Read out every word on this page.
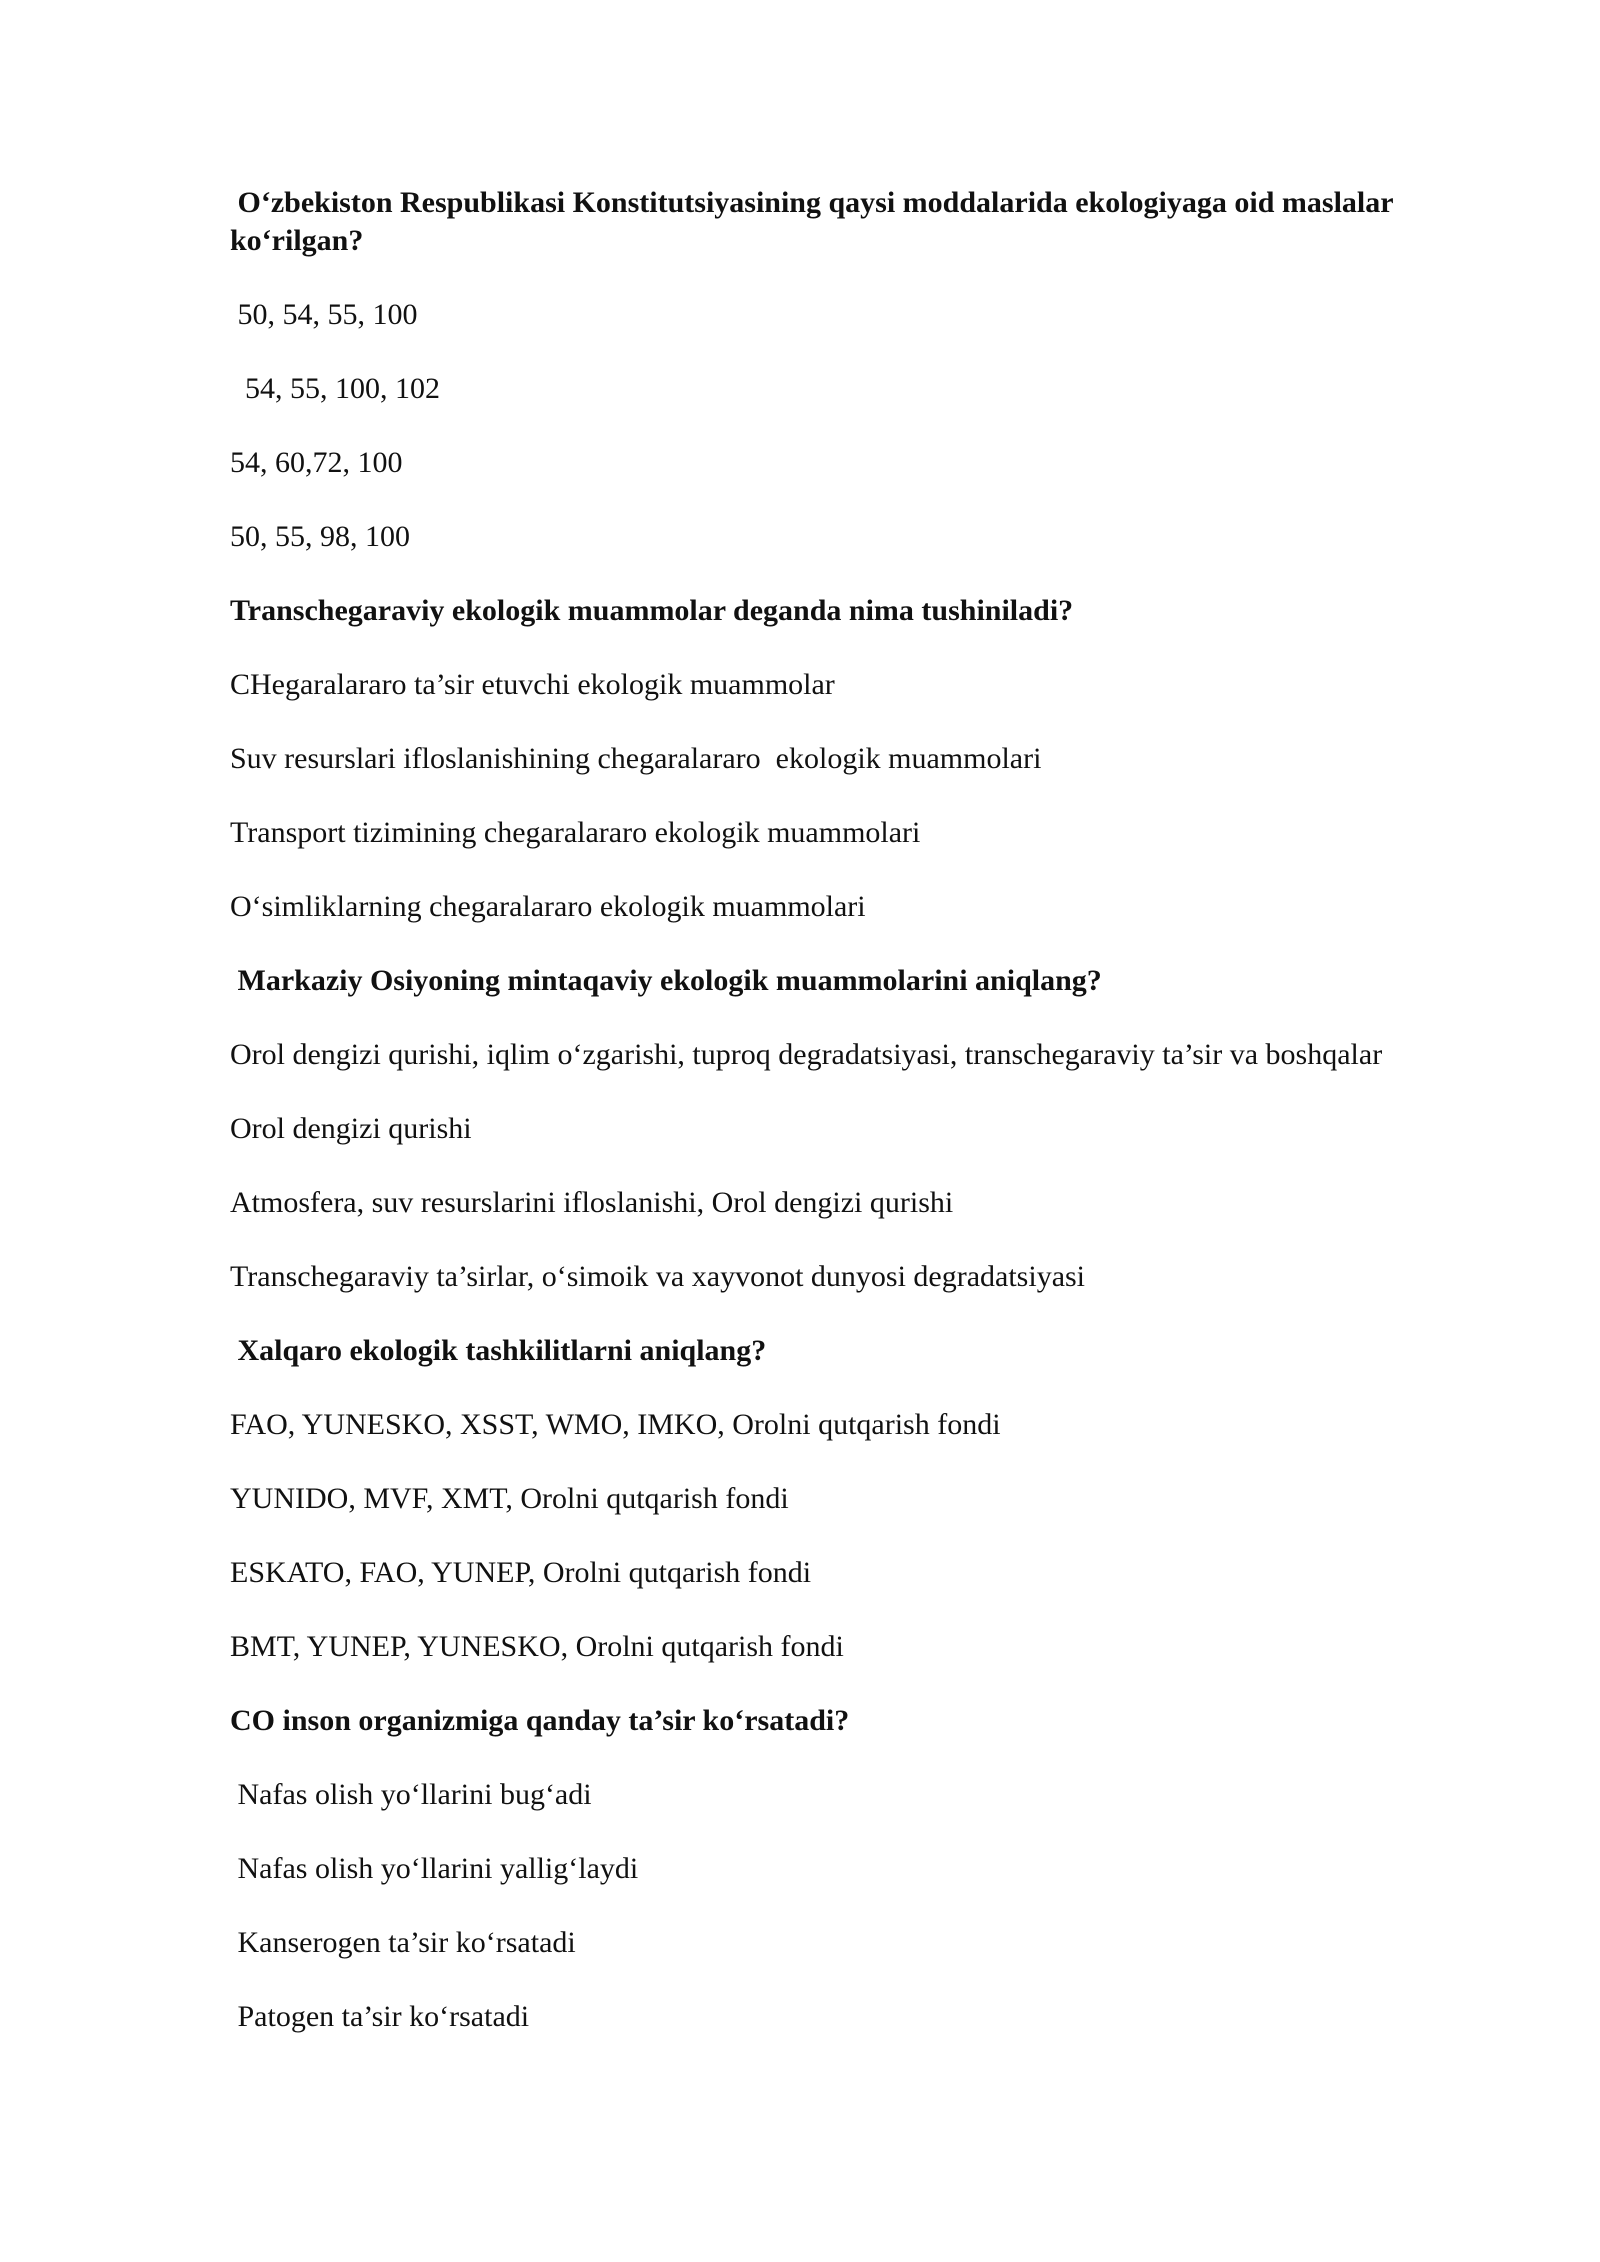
O‘zbekiston Respublikasi Konstitutsiyasining qaysi moddalarida ekologiyaga oid maslalar ko‘rilgan?

50, 54, 55, 100

54, 55, 100, 102

54, 60,72, 100

50, 55, 98, 100

Transchegaraviy ekologik muammolar deganda nima tushiniladi?

CHegaralararo ta’sir etuvchi ekologik muammolar

Suv resurslari ifloslanishining chegaralararo  ekologik muammolari

Transport tizimining chegaralararo ekologik muammolari

O‘simliklarning chegaralararo ekologik muammolari

Markaziy Osiyoning mintaqaviy ekologik muammolarini aniqlang?

Orol dengizi qurishi, iqlim o‘zgarishi, tuproq degradatsiyasi, transchegaraviy ta’sir va boshqalar

Orol dengizi qurishi

Atmosfera, suv resurslarini ifloslanishi, Orol dengizi qurishi

Transchegaraviy ta’sirlar, o‘simoik va xayvonot dunyosi degradatsiyasi

Xalqaro ekologik tashkilitlarni aniqlang?

FAO, YUNESKO, XSST, WMO, IMKO, Orolni qutqarish fondi

YUNIDO, MVF, XMT, Orolni qutqarish fondi

ESKATO, FAO, YUNEP, Orolni qutqarish fondi

BMT, YUNEP, YUNESKO, Orolni qutqarish fondi

CO inson organizmiga qanday ta’sir ko‘rsatadi?

Nafas olish yo‘llarini bug‘adi

Nafas olish yo‘llarini yallig‘laydi

Kanserogen ta’sir ko‘rsatadi

Patogen ta’sir ko‘rsatadi
